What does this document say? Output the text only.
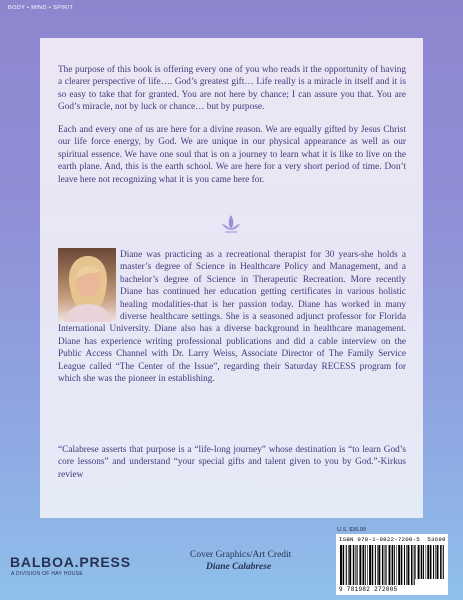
BODY • MIND • SPIRIT

The purpose of this book is offering every one of you who reads it the opportunity of having a clearer perspective of life…. God’s greatest gift… Life really is a miracle in itself and it is so easy to take that for granted. You are not here by chance; I can assure you that. You are God’s miracle, not by luck or chance… but by purpose.

Each and every one of us are here for a divine reason. We are equally gifted by Jesus Christ our life force energy, by God. We are unique in our physical appearance as well as our spiritual essence. We have one soul that is on a journey to learn what it is like to live on the earth plane. And, this is the earth school. We are here for a very short period of time. Don’t leave here not recognizing what it is you came here for.

Diane was practicing as a recreational therapist for 30 years-she holds a master’s degree of Science in Healthcare Policy and Management, and a bachelor’s degree of Science in Therapeutic Recreation. More recently Diane has continued her education getting certificates in various holistic healing modalities-that is her passion today. Diane has worked in many diverse healthcare settings. She is a seasoned adjunct professor for Florida International University. Diane also has a diverse background in healthcare management. Diane has experience writing professional publications and did a cable interview on the Public Access Channel with Dr. Larry Weiss, Associate Director of The Family Service League called “The Center of the Issue”, regarding their Saturday RECESS program for which she was the pioneer in establishing.

“Calabrese asserts that purpose is a “life-long journey” whose destination is “to learn God’s core lessons” and understand “your special gifts and talent given to you by God.”-Kirkus review

U.S. $36.99
ISBN 978-1-9822-7200-5 53699
9 781982 272005
BALBOA.PRESS
A DIVISION OF HAY HOUSE
Cover Graphics/Art Credit
Diane Calabrese
